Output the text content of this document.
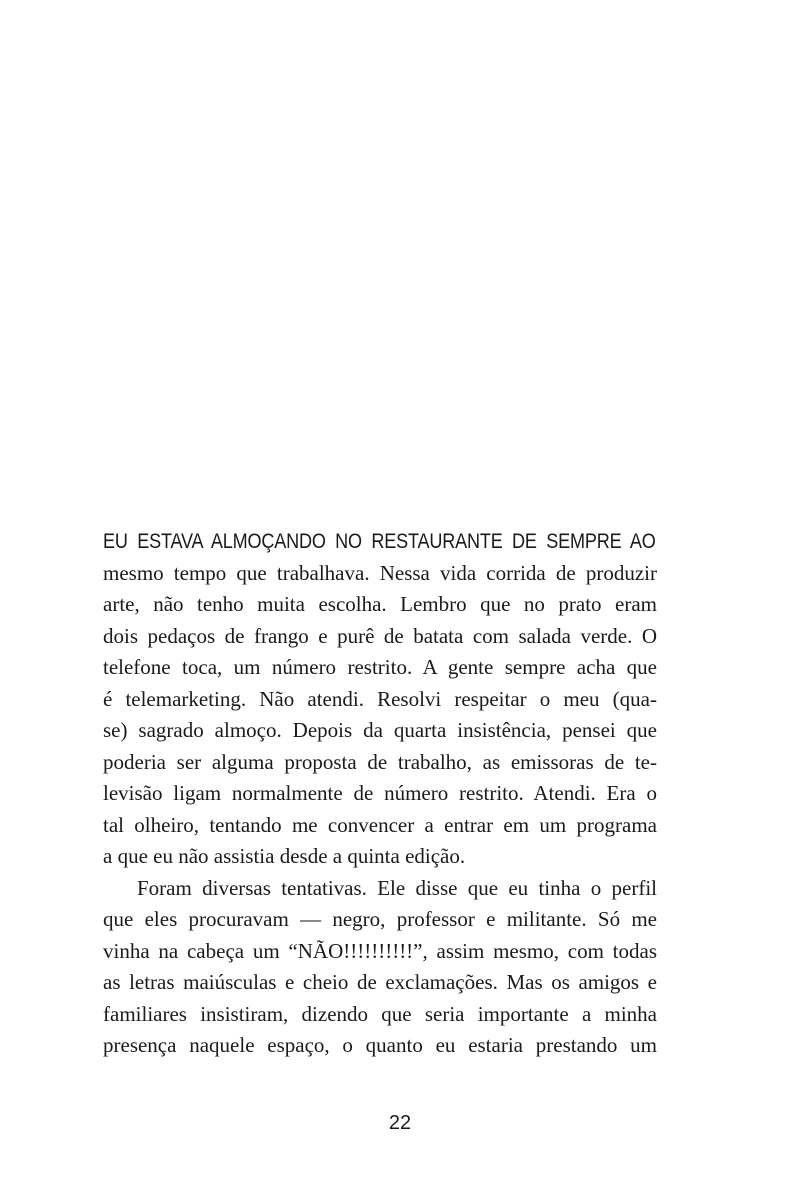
EU ESTAVA ALMOÇANDO NO RESTAURANTE DE SEMPRE AO
mesmo tempo que trabalhava. Nessa vida corrida de produzir
arte, não tenho muita escolha. Lembro que no prato eram
dois pedaços de frango e purê de batata com salada verde. O
telefone toca, um número restrito. A gente sempre acha que
é telemarketing. Não atendi. Resolvi respeitar o meu (qua-
se) sagrado almoço. Depois da quarta insistência, pensei que
poderia ser alguma proposta de trabalho, as emissoras de te-
levisão ligam normalmente de número restrito. Atendi. Era o
tal olheiro, tentando me convencer a entrar em um programa
a que eu não assistia desde a quinta edição.
Foram diversas tentativas. Ele disse que eu tinha o perfil
que eles procuravam — negro, professor e militante. Só me
vinha na cabeça um “NÃO!!!!!!!!!!”, assim mesmo, com todas
as letras maiúsculas e cheio de exclamações. Mas os amigos e
familiares insistiram, dizendo que seria importante a minha
presença naquele espaço, o quanto eu estaria prestando um
22
